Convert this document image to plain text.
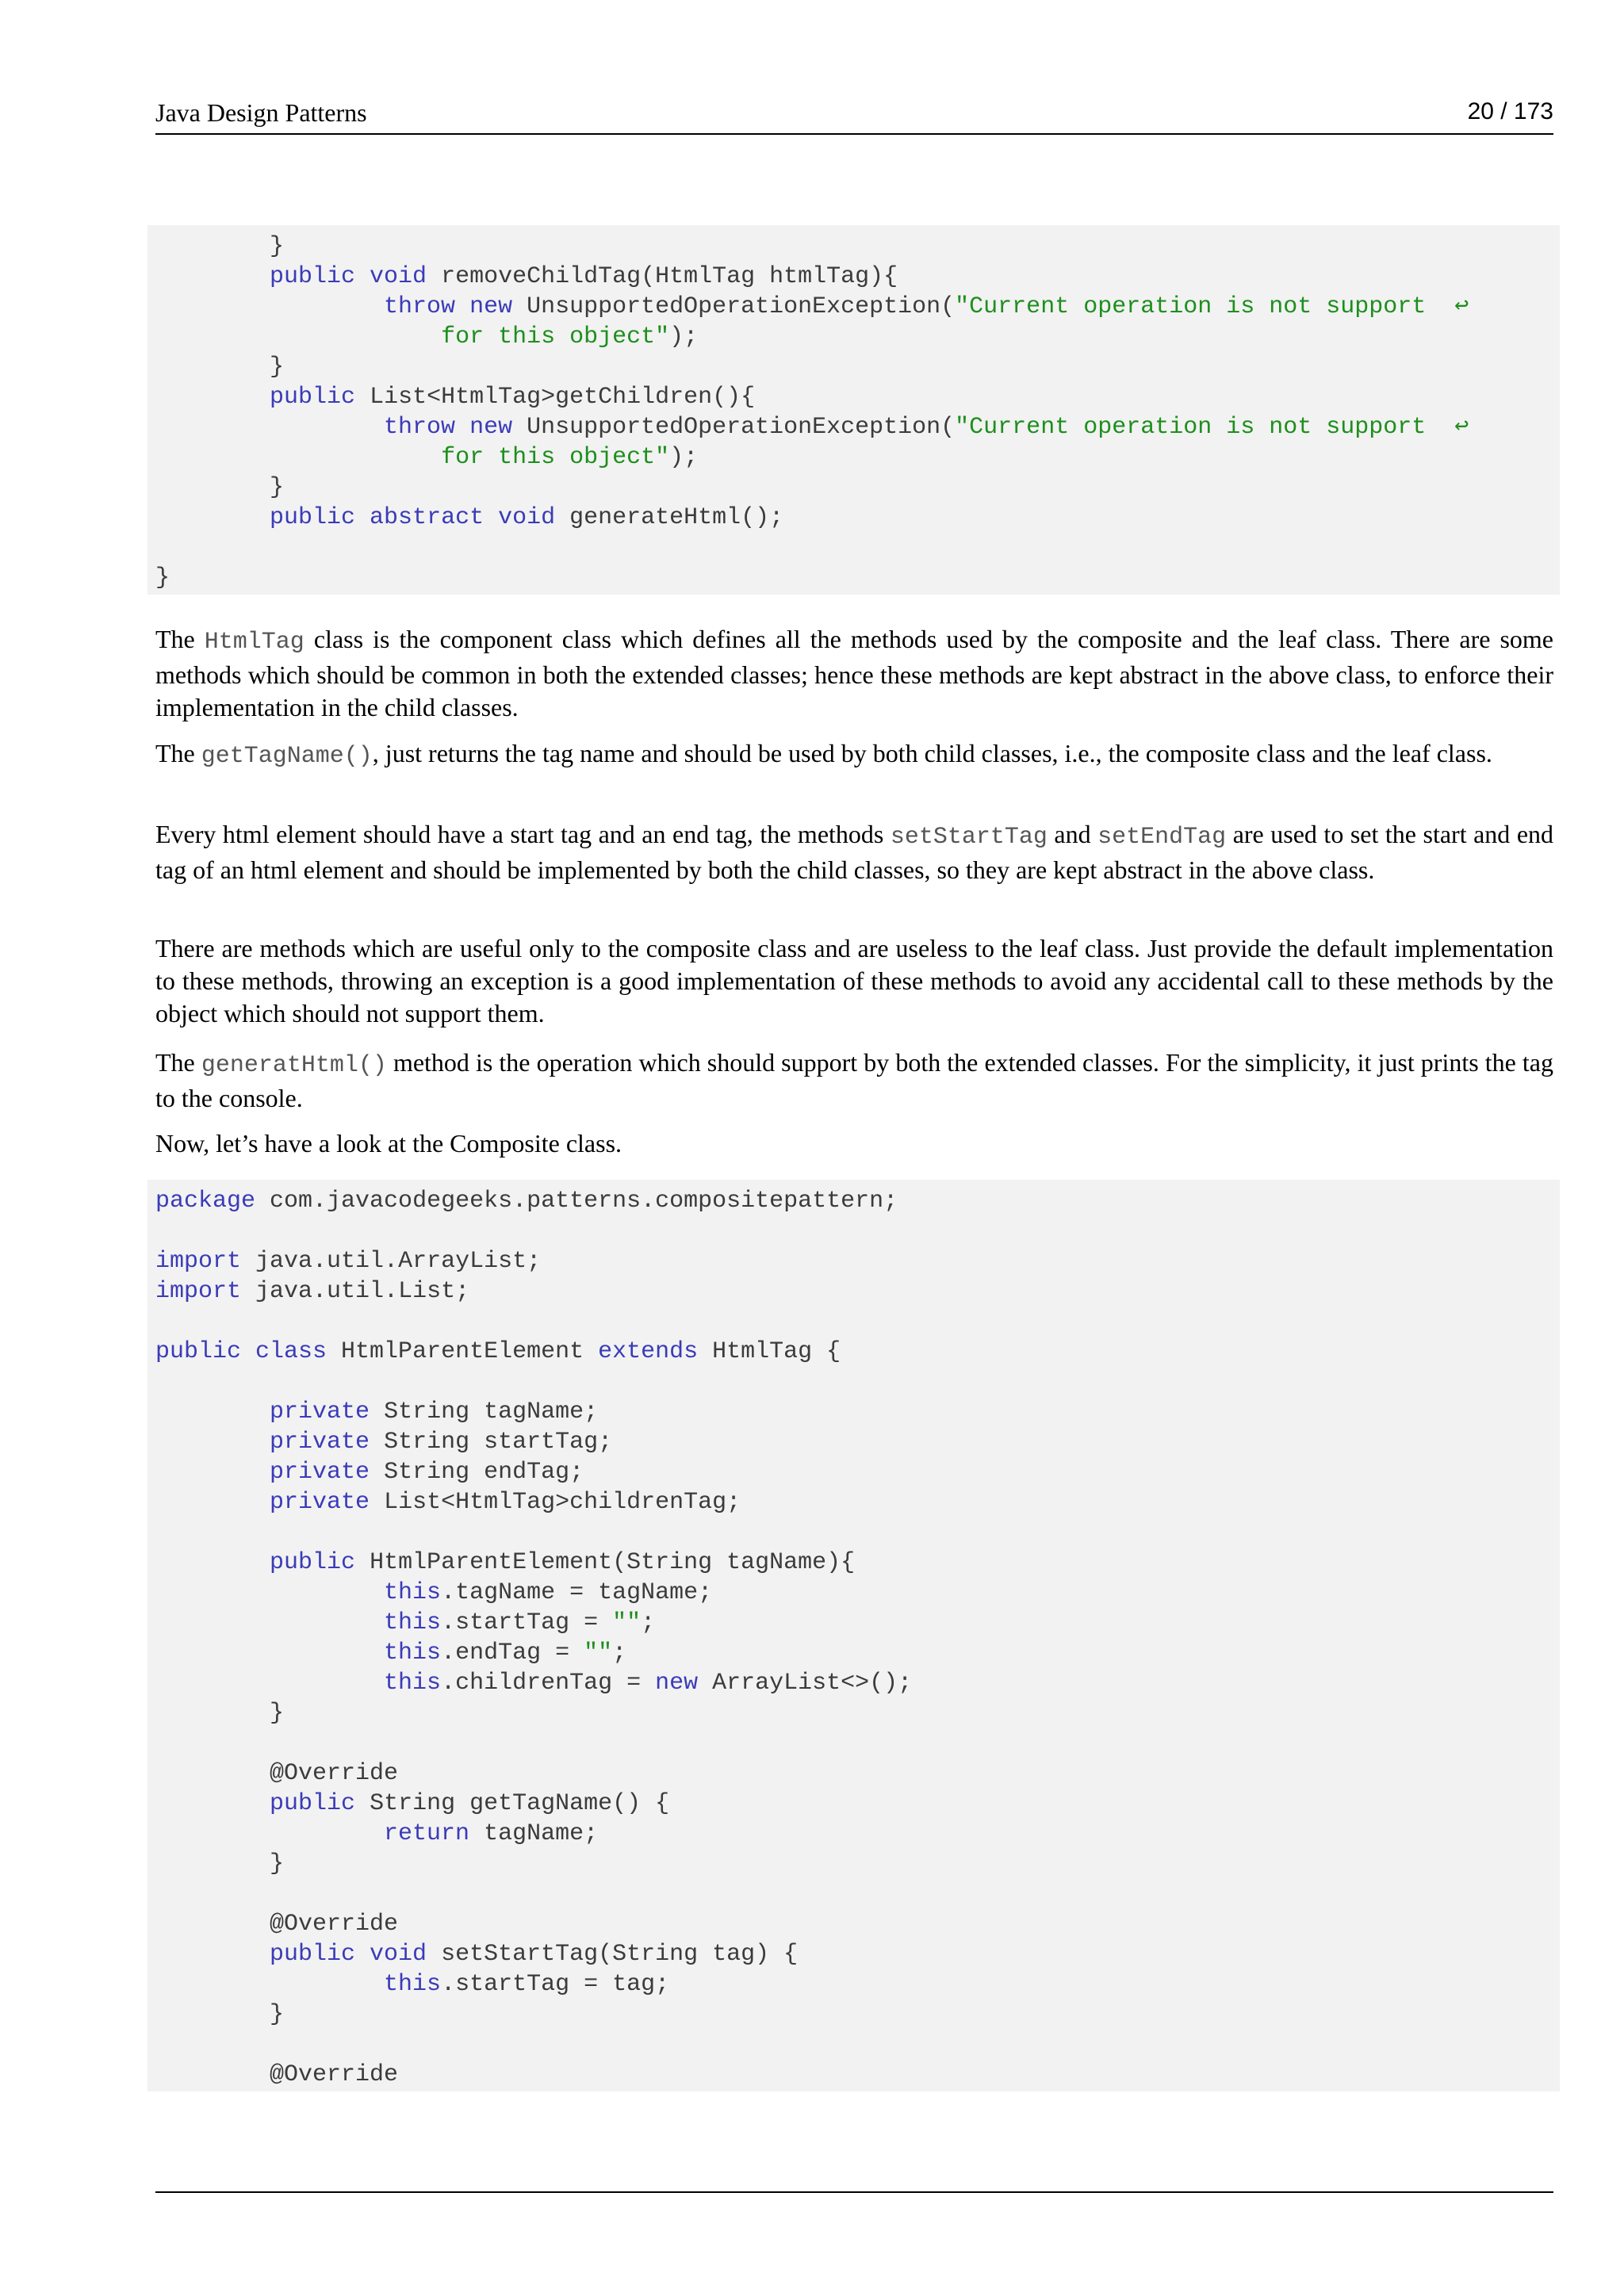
Java Design Patterns	20 / 173
}
public void removeChildTag(HtmlTag htmlTag){
throw new UnsupportedOperationException("Current operation is not support  ↩
for this object");
}
public List<HtmlTag>getChildren(){
throw new UnsupportedOperationException("Current operation is not support  ↩
for this object");
}
public abstract void generateHtml();
}
The HtmlTag class is the component class which defines all the methods used by the composite and the leaf class. There are some methods which should be common in both the extended classes; hence these methods are kept abstract in the above class, to enforce their implementation in the child classes.
The getTagName(), just returns the tag name and should be used by both child classes, i.e., the composite class and the leaf class.
Every html element should have a start tag and an end tag, the methods setStartTag and setEndTag are used to set the start and end tag of an html element and should be implemented by both the child classes, so they are kept abstract in the above class.
There are methods which are useful only to the composite class and are useless to the leaf class. Just provide the default implementation to these methods, throwing an exception is a good implementation of these methods to avoid any accidental call to these methods by the object which should not support them.
The generatHtml() method is the operation which should support by both the extended classes. For the simplicity, it just prints the tag to the console.
Now, let’s have a look at the Composite class.
package com.javacodegeeks.patterns.compositepattern;
import java.util.ArrayList;
import java.util.List;
public class HtmlParentElement extends HtmlTag {
private String tagName;
private String startTag;
private String endTag;
private List<HtmlTag>childrenTag;
public HtmlParentElement(String tagName){
this.tagName = tagName;
this.startTag = "";
this.endTag = "";
this.childrenTag = new ArrayList<>();
}
@Override
public String getTagName() {
return tagName;
}
@Override
public void setStartTag(String tag) {
this.startTag = tag;
}
@Override
